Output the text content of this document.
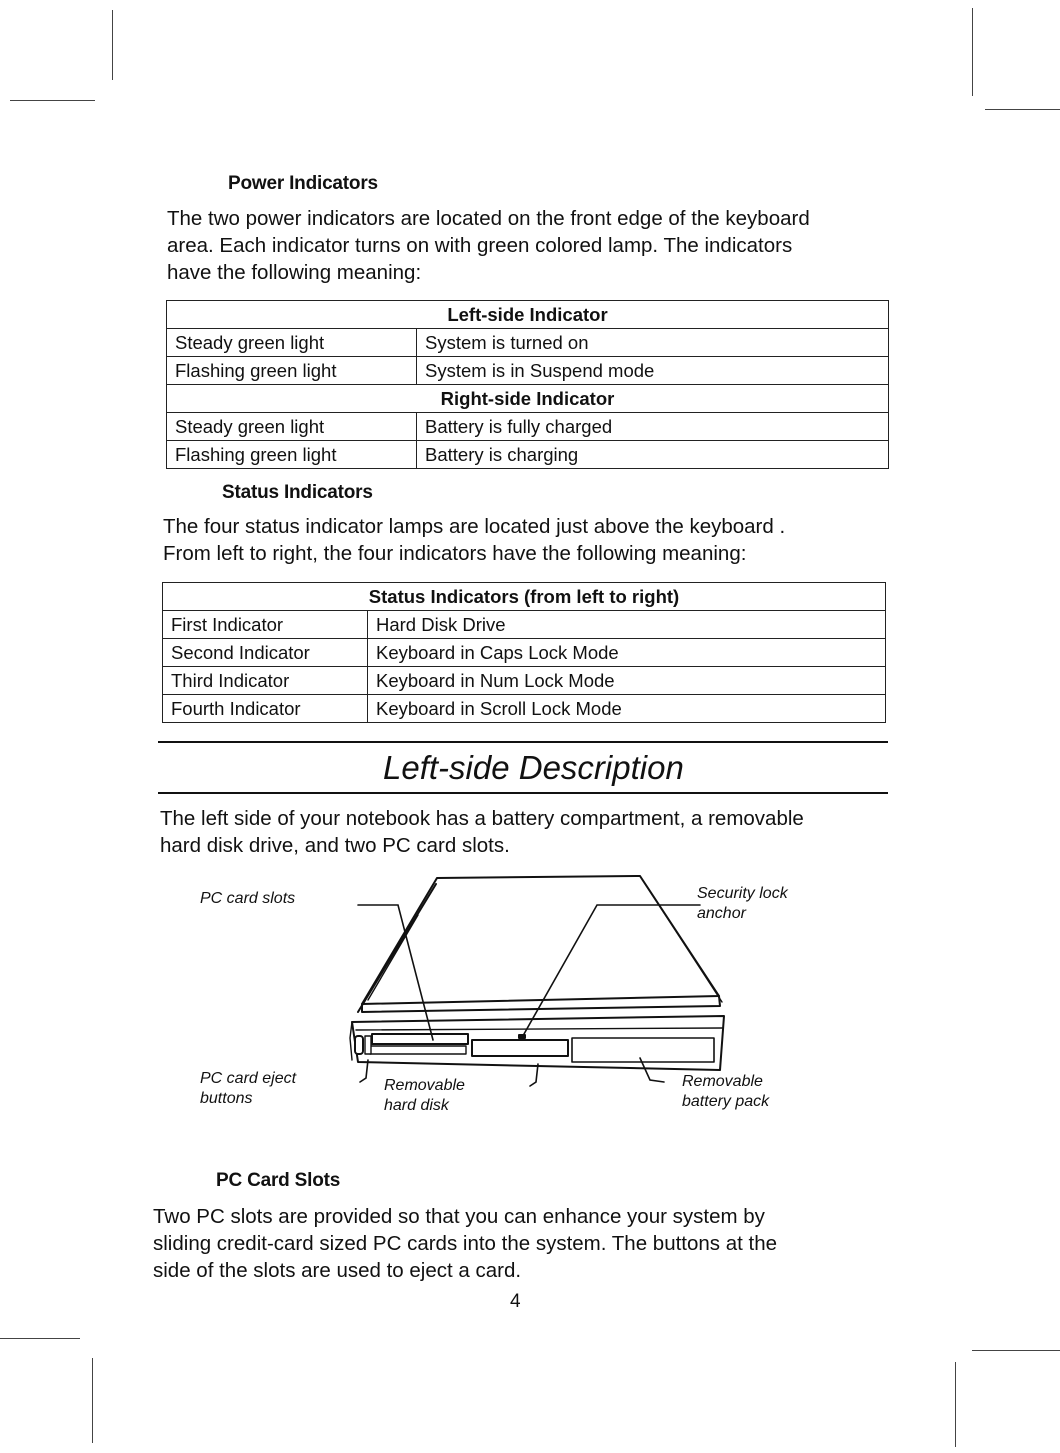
Power Indicators
The two power indicators are located on the front edge of the keyboard
area. Each indicator turns on with green colored lamp. The indicators
have the following meaning:
Left-side Indicator	
Steady green light	System is turned on
Flashing green light	System is in Suspend mode
Right-side Indicator	
Steady green light	Battery is fully charged
Flashing green light	Battery is charging
Status Indicators
The four status indicator lamps are located just above the keyboard .
From left to right, the four indicators have the following meaning:
Status Indicators (from left to right)	
First Indicator	Hard Disk Drive
Second Indicator	Keyboard in Caps Lock Mode
Third Indicator	Keyboard in Num Lock Mode
Fourth Indicator	Keyboard in Scroll Lock Mode
Left-side Description
The left side of your notebook has a battery compartment, a removable
hard disk drive, and two PC card slots.
PC card slots	Security lock
anchor
PC card eject
buttons
Removable
hard disk
Removable
battery pack
PC Card Slots
Two PC slots are provided so that you can enhance your system by
sliding credit-card sized PC cards into the system. The buttons at the
side of the slots are used to eject a card.
4
